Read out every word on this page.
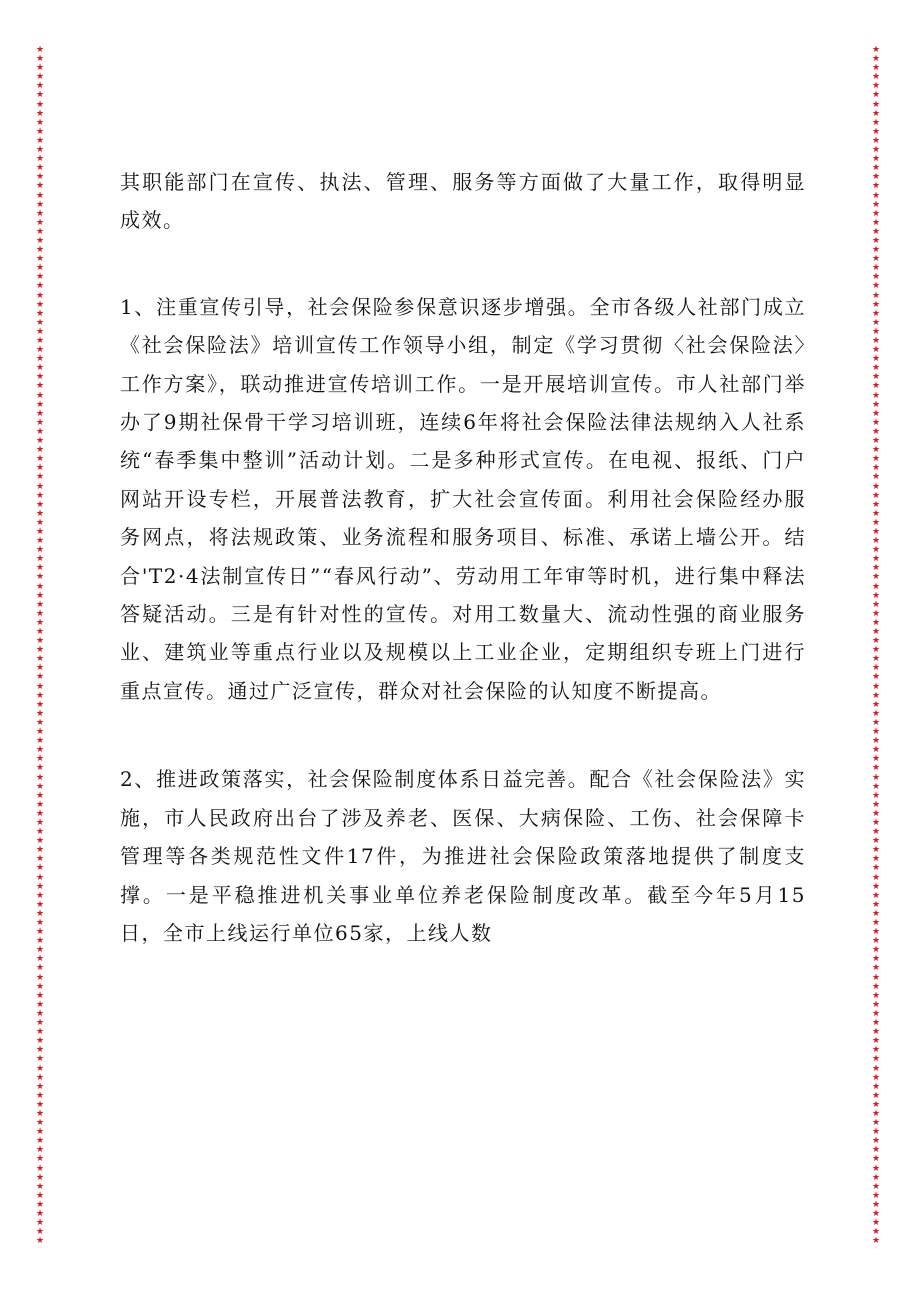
★
★
★
★
★
★
★
★
★
★
★
★
★
★
★
★
★
★
★
★
★
★
★
★
★
★
★
★
★
★
★
★
★
★
★
★
★
★
★
★
★
★
★
★
★
★
★
★
★
★
★
★
★
★
★
★
★
★
★
★
★
★
★
★
★
★
★
★
★
★
★
★
★
★
★
★
★
★
★
★
★
★
★
★
★
★
★
★
★
★
★
★
★
★
★
★
★
★
★
★
★
★
★
★
★
★
★
★
★
★
★
★
★
★
★
★
★
★
★
★
★
★
★
★
★
★
★
★
★
★
★
★
★
★
★
★
★
★
★
★
★
★
★
★
★
★
★
★
★
★
★
★
★
★
★
★
★
★
★
★
★
★
★
★
★
★
★
★
★
★
★
★
★
★
★
★
★
★
★
★
★
★
★
★
★
★
★
★
★
★
★
★
★
★
★
★
★
★
★
★
★
★
★
★
★
★
★
★
★
★
★
★
★
★
★
★
★
★
★
★
★
★
★
★
★
★
★
★
★
★
★
★
★
★
★
★
★
★
★
★
★
★
★
★
★
★
★
★
★
★
★
★
★
★
★
★
★
★
★
★
★
★
★
★

其职能部门在宣传、执法、管理、服务等方面做了大量工作，取得明显成效。

1、注重宣传引导，社会保险参保意识逐步增强。全市各级人社部门成立《社会保险法》培训宣传工作领导小组，制定《学习贯彻〈社会保险法〉工作方案》，联动推进宣传培训工作。一是开展培训宣传。市人社部门举办了9期社保骨干学习培训班，连续6年将社会保险法律法规纳入人社系统“春季集中整训”活动计划。二是多种形式宣传。在电视、报纸、门户网站开设专栏，开展普法教育，扩大社会宣传面。利用社会保险经办服务网点，将法规政策、业务流程和服务项目、标准、承诺上墙公开。结合'T2·4法制宣传日”“春风行动”、劳动用工年审等时机，进行集中释法答疑活动。三是有针对性的宣传。对用工数量大、流动性强的商业服务业、建筑业等重点行业以及规模以上工业企业，定期组织专班上门进行重点宣传。通过广泛宣传，群众对社会保险的认知度不断提高。

2、推进政策落实，社会保险制度体系日益完善。配合《社会保险法》实施，市人民政府出台了涉及养老、医保、大病保险、工伤、社会保障卡管理等各类规范性文件17件，为推进社会保险政策落地提供了制度支撑。一是平稳推进机关事业单位养老保险制度改革。截至今年5月15日，全市上线运行单位65家，上线人数
